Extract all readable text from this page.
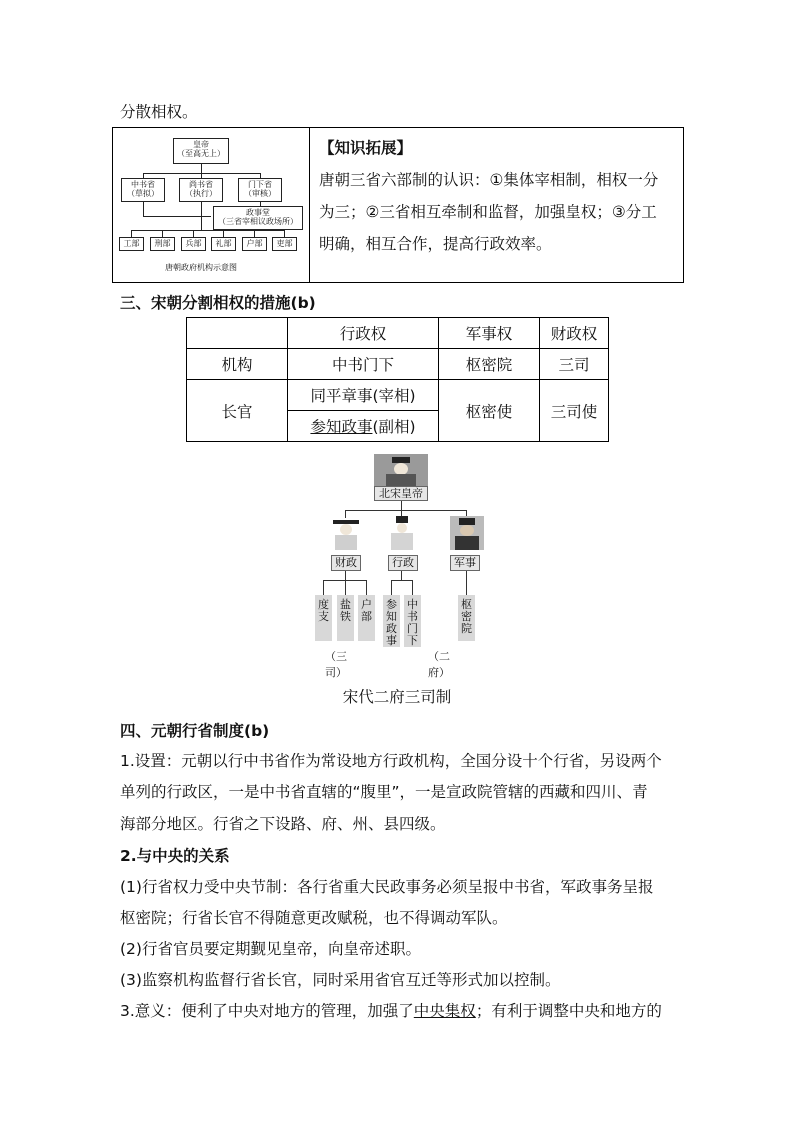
分散相权。
皇帝
（至高无上）
中书省
（草拟）
尚书省
（执行）
门下省
（审核）
政事堂
（三省宰相议政场所）
工部	刑部	兵部	礼部	户部	吏部
唐朝政府机构示意图
【知识拓展】
唐朝三省六部制的认识：①集体宰相制，相权一分
为三；②三省相互牵制和监督，加强皇权；③分工
明确，相互合作，提高行政效率。
三、宋朝分割相权的措施(b)
	行政权	军事权	财政权
机构	中书门下	枢密院	三司
长官	同平章事(宰相)	枢密使	三司使
	参知政事(副相)		
北宋皇帝
财政	行政	军事
度支
盐铁
户部
参知政事
中书门下
枢密院
（三司）
（二府）
宋代二府三司制
四、元朝行省制度(b)
1.设置：元朝以行中书省作为常设地方行政机构，全国分设十个行省，另设两个
单列的行政区，一是中书省直辖的“腹里”，一是宣政院管辖的西藏和四川、青
海部分地区。行省之下设路、府、州、县四级。
2.与中央的关系
(1)行省权力受中央节制：各行省重大民政事务必须呈报中书省，军政事务呈报
枢密院；行省长官不得随意更改赋税，也不得调动军队。
(2)行省官员要定期觐见皇帝，向皇帝述职。
(3)监察机构监督行省长官，同时采用省官互迁等形式加以控制。
3.意义：便利了中央对地方的管理，加强了中央集权；有利于调整中央和地方的
